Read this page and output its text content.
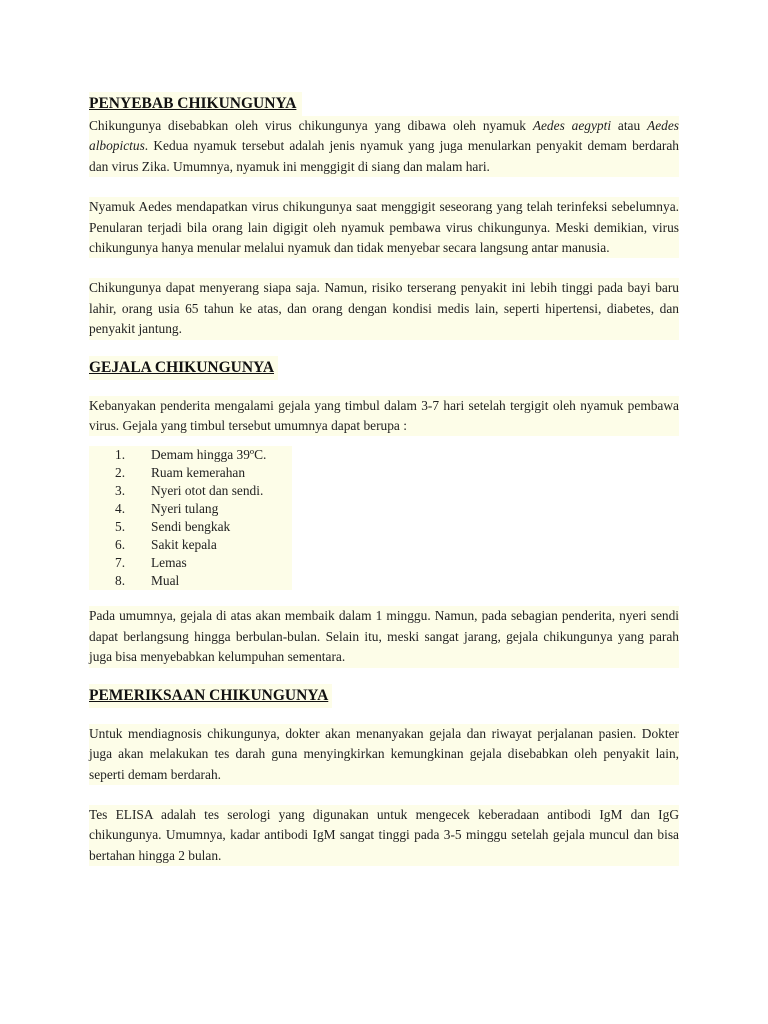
PENYEBAB CHIKUNGUNYA

Chikungunya disebabkan oleh virus chikungunya yang dibawa oleh nyamuk Aedes aegypti atau Aedes albopictus. Kedua nyamuk tersebut adalah jenis nyamuk yang juga menularkan penyakit demam berdarah dan virus Zika. Umumnya, nyamuk ini menggigit di siang dan malam hari.

Nyamuk Aedes mendapatkan virus chikungunya saat menggigit seseorang yang telah terinfeksi sebelumnya. Penularan terjadi bila orang lain digigit oleh nyamuk pembawa virus chikungunya. Meski demikian, virus chikungunya hanya menular melalui nyamuk dan tidak menyebar secara langsung antar manusia.

Chikungunya dapat menyerang siapa saja. Namun, risiko terserang penyakit ini lebih tinggi pada bayi baru lahir, orang usia 65 tahun ke atas, dan orang dengan kondisi medis lain, seperti hipertensi, diabetes, dan penyakit jantung.

GEJALA CHIKUNGUNYA

Kebanyakan penderita mengalami gejala yang timbul dalam 3-7 hari setelah tergigit oleh nyamuk pembawa virus. Gejala yang timbul tersebut umumnya dapat berupa :

1.	Demam hingga 39ºC.
2.	Ruam kemerahan
3.	Nyeri otot dan sendi.
4.	Nyeri tulang
5.	Sendi bengkak
6.	Sakit kepala
7.	Lemas
8.	Mual

Pada umumnya, gejala di atas akan membaik dalam 1 minggu. Namun, pada sebagian penderita, nyeri sendi dapat berlangsung hingga berbulan-bulan. Selain itu, meski sangat jarang, gejala chikungunya yang parah juga bisa menyebabkan kelumpuhan sementara.

PEMERIKSAAN CHIKUNGUNYA

Untuk mendiagnosis chikungunya, dokter akan menanyakan gejala dan riwayat perjalanan pasien. Dokter juga akan melakukan tes darah guna menyingkirkan kemungkinan gejala disebabkan oleh penyakit lain, seperti demam berdarah.

Tes ELISA adalah tes serologi yang digunakan untuk mengecek keberadaan antibodi IgM dan IgG chikungunya. Umumnya, kadar antibodi IgM sangat tinggi pada 3-5 minggu setelah gejala muncul dan bisa bertahan hingga 2 bulan.
